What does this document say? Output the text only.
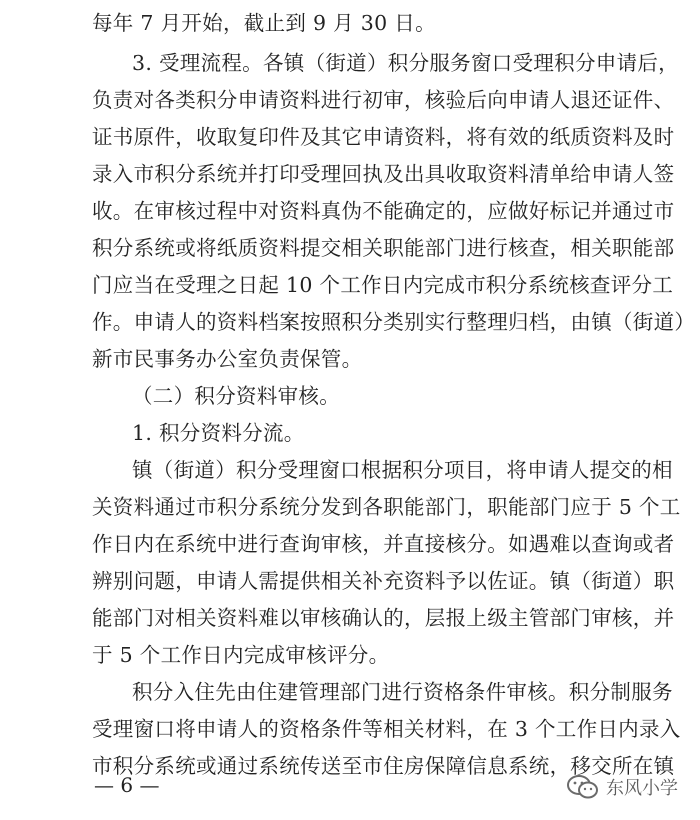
每年 7 月开始，截止到 9 月 30 日。
3. 受理流程。各镇（街道）积分服务窗口受理积分申请后，
负责对各类积分申请资料进行初审，核验后向申请人退还证件、
证书原件，收取复印件及其它申请资料，将有效的纸质资料及时
录入市积分系统并打印受理回执及出具收取资料清单给申请人签
收。在审核过程中对资料真伪不能确定的，应做好标记并通过市
积分系统或将纸质资料提交相关职能部门进行核查，相关职能部
门应当在受理之日起 10 个工作日内完成市积分系统核查评分工
作。申请人的资料档案按照积分类别实行整理归档，由镇（街道）
新市民事务办公室负责保管。
（二）积分资料审核。
1. 积分资料分流。
镇（街道）积分受理窗口根据积分项目，将申请人提交的相
关资料通过市积分系统分发到各职能部门，职能部门应于 5 个工
作日内在系统中进行查询审核，并直接核分。如遇难以查询或者
辨别问题，申请人需提供相关补充资料予以佐证。镇（街道）职
能部门对相关资料难以审核确认的，层报上级主管部门审核，并
于 5 个工作日内完成审核评分。
积分入住先由住建管理部门进行资格条件审核。积分制服务
受理窗口将申请人的资格条件等相关材料，在 3 个工作日内录入
市积分系统或通过系统传送至市住房保障信息系统，移交所在镇
— 6 —	东风小学
